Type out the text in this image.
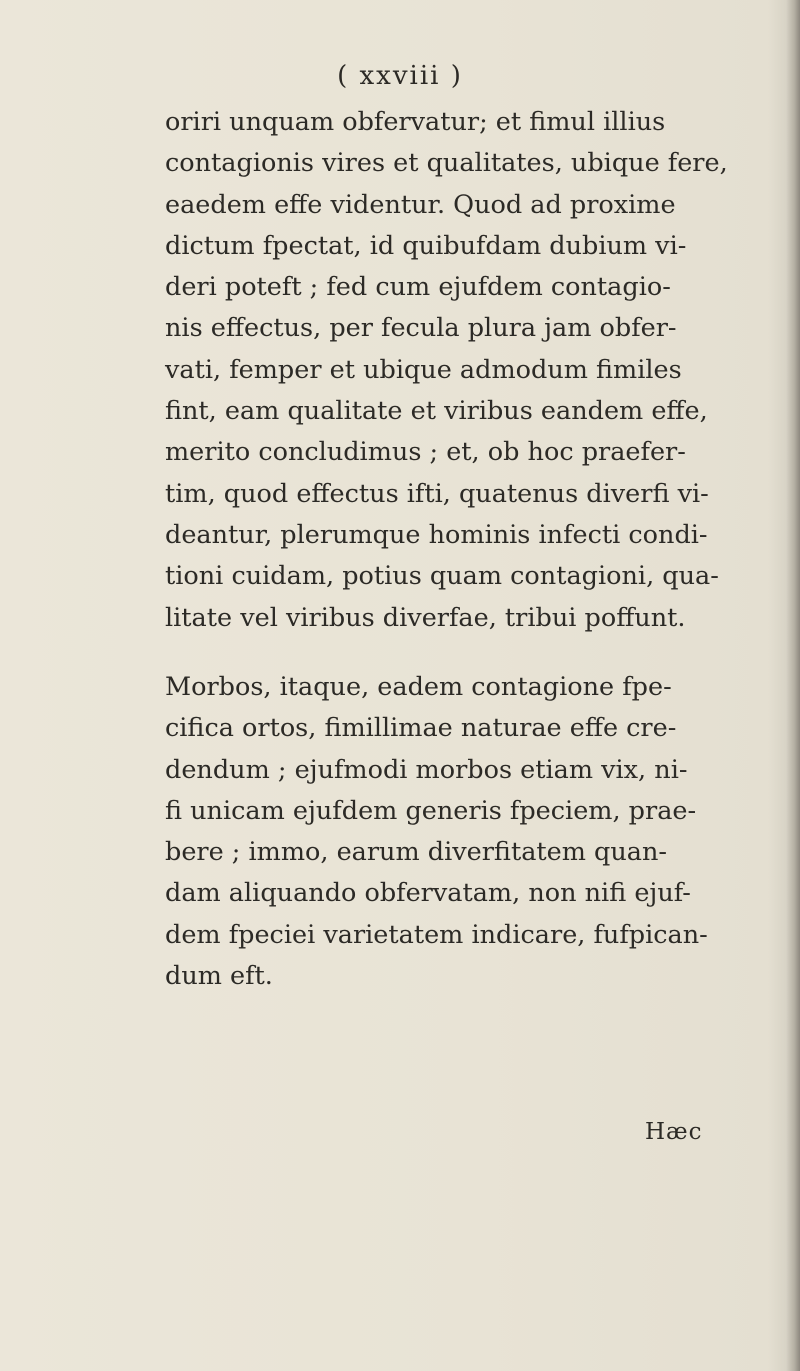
( xxviii )

oriri unquam obfervatur; et fimul illius
contagionis vires et qualitates, ubique fere,
eaedem effe videntur. Quod ad proxime
dictum fpectat, id quibufdam dubium vi-
deri poteft ; fed cum ejufdem contagio-
nis effectus, per fecula plura jam obfer-
vati, femper et ubique admodum fimiles
fint, eam qualitate et viribus eandem effe,
merito concludimus ; et, ob hoc praefer-
tim, quod effectus ifti, quatenus diverfi vi-
deantur, plerumque hominis infecti condi-
tioni cuidam, potius quam contagioni, qua-
litate vel viribus diverfae, tribui poffunt.

Morbos, itaque, eadem contagione fpe-
cifica ortos, fimillimae naturae effe cre-
dendum ; ejufmodi morbos etiam vix, ni-
fi unicam ejufdem generis fpeciem, prae-
bere ; immo, earum diverfitatem quan-
dam aliquando obfervatam, non nifi ejuf-
dem fpeciei varietatem indicare, fufpican-
dum eft.

Hæc
